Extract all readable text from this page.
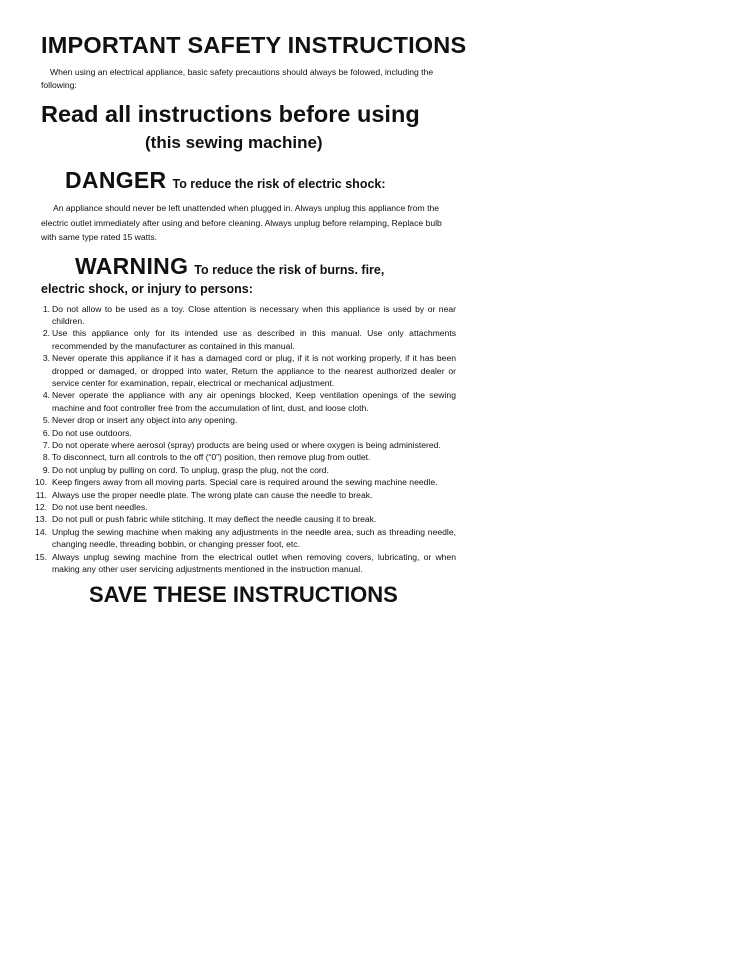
IMPORTANT SAFETY INSTRUCTIONS

When using an electrical appliance, basic safety precautions should always be folowed, including the following:

Read all instructions before using
(this sewing machine)
DANGER To reduce the risk of electric shock:

An appliance should never be left unattended when plugged in. Always unplug this appliance from the electric outlet immediately after using and before cleaning. Always unplug before relamping, Replace bulb with same type rated 15 watts.

WARNING To reduce the risk of burns. fire,
electric shock, or injury to persons:
1. Do not allow to be used as a toy. Close attention is necessary when this appliance is used by or near children.
2. Use this appliance only for its intended use as described in this manual. Use only attachments recommended by the manufacturer as contained in this manual.
3. Never operate this appliance if it has a damaged cord or plug, if it is not working properly, if it has been dropped or damaged, or dropped into water, Return the appliance to the nearest authorized dealer or service center for examination, repair, electrical or mechanical adjustment.
4. Never operate the appliance with any air openings blocked, Keep ventilation openings of the sewing machine and foot controller free from the accumulation of lint, dust, and loose cloth.
5. Never drop or insert any object into any opening.
6. Do not use outdoors.
7. Do not operate where aerosol (spray) products are being used or where oxygen is being administered.
8. To disconnect, turn all controls to the off (“0”) position, then remove plug from outlet.
9. Do not unplug by pulling on cord. To unplug, grasp the plug, not the cord.
10. Keep fingers away from all moving parts. Special care is required around the sewing machine needle.
11. Always use the proper needle plate. The wrong plate can cause the needle to break.
12. Do not use bent needles.
13. Do not pull or push fabric while stitching. It may deflect the needle causing it to break.
14. Unplug the sewing machine when making any adjustments in the needle area, such as threading needle, changing needle, threading bobbin, or changing presser foot, etc.
15. Always unplug sewing machine from the electrical outlet when removing covers, lubricating, or when making any other user servicing adjustments mentioned in the instruction manual.
SAVE THESE INSTRUCTIONS
